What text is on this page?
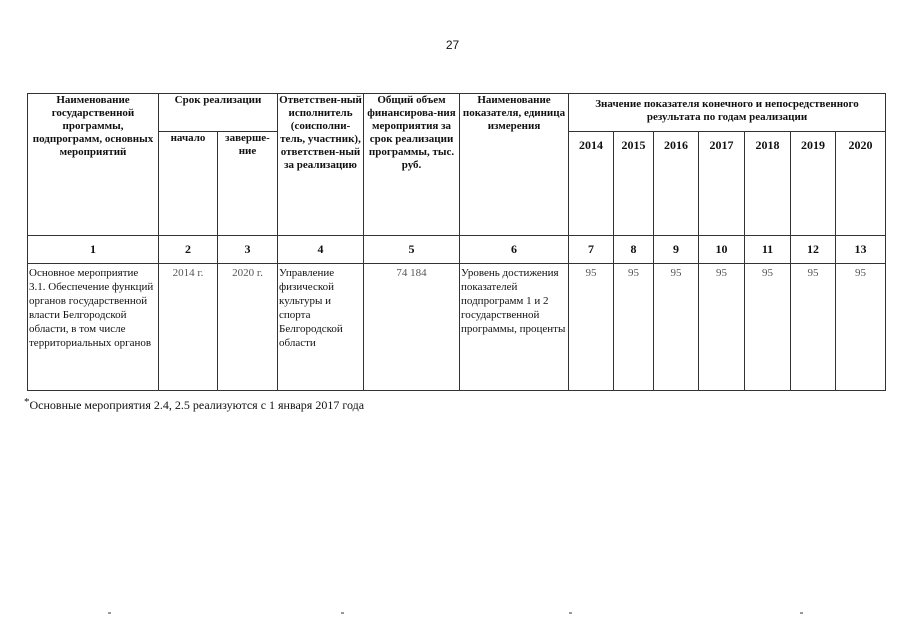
27
Наименование государственной программы, подпрограмм, основных мероприятий	Срок реализации		Ответствен-ный исполнитель (соисполни-тель, участник), ответствен-ный за реализацию	Общий объем финансирова-ния мероприятия за срок реализации программы, тыс. руб.	Наименование показателя, единица измерения	Значение показателя конечного и непосредственного результата по годам реализации						
	начало	заверше-ние				2014	2015	2016	2017	2018	2019	2020
1	2	3	4	5	6	7	8	9	10	11	12	13
Основное мероприятие 3.1. Обеспечение функций органов государственной власти Белгородской области, в том числе территориальных органов	2014 г.	2020 г.	Управление физической культуры и спорта Белгородской области	74 184	Уровень достижения показателей подпрограмм 1 и 2 государственной программы, проценты	95	95	95	95	95	95	95
*Основные мероприятия 2.4, 2.5 реализуются с 1 января 2017 года
